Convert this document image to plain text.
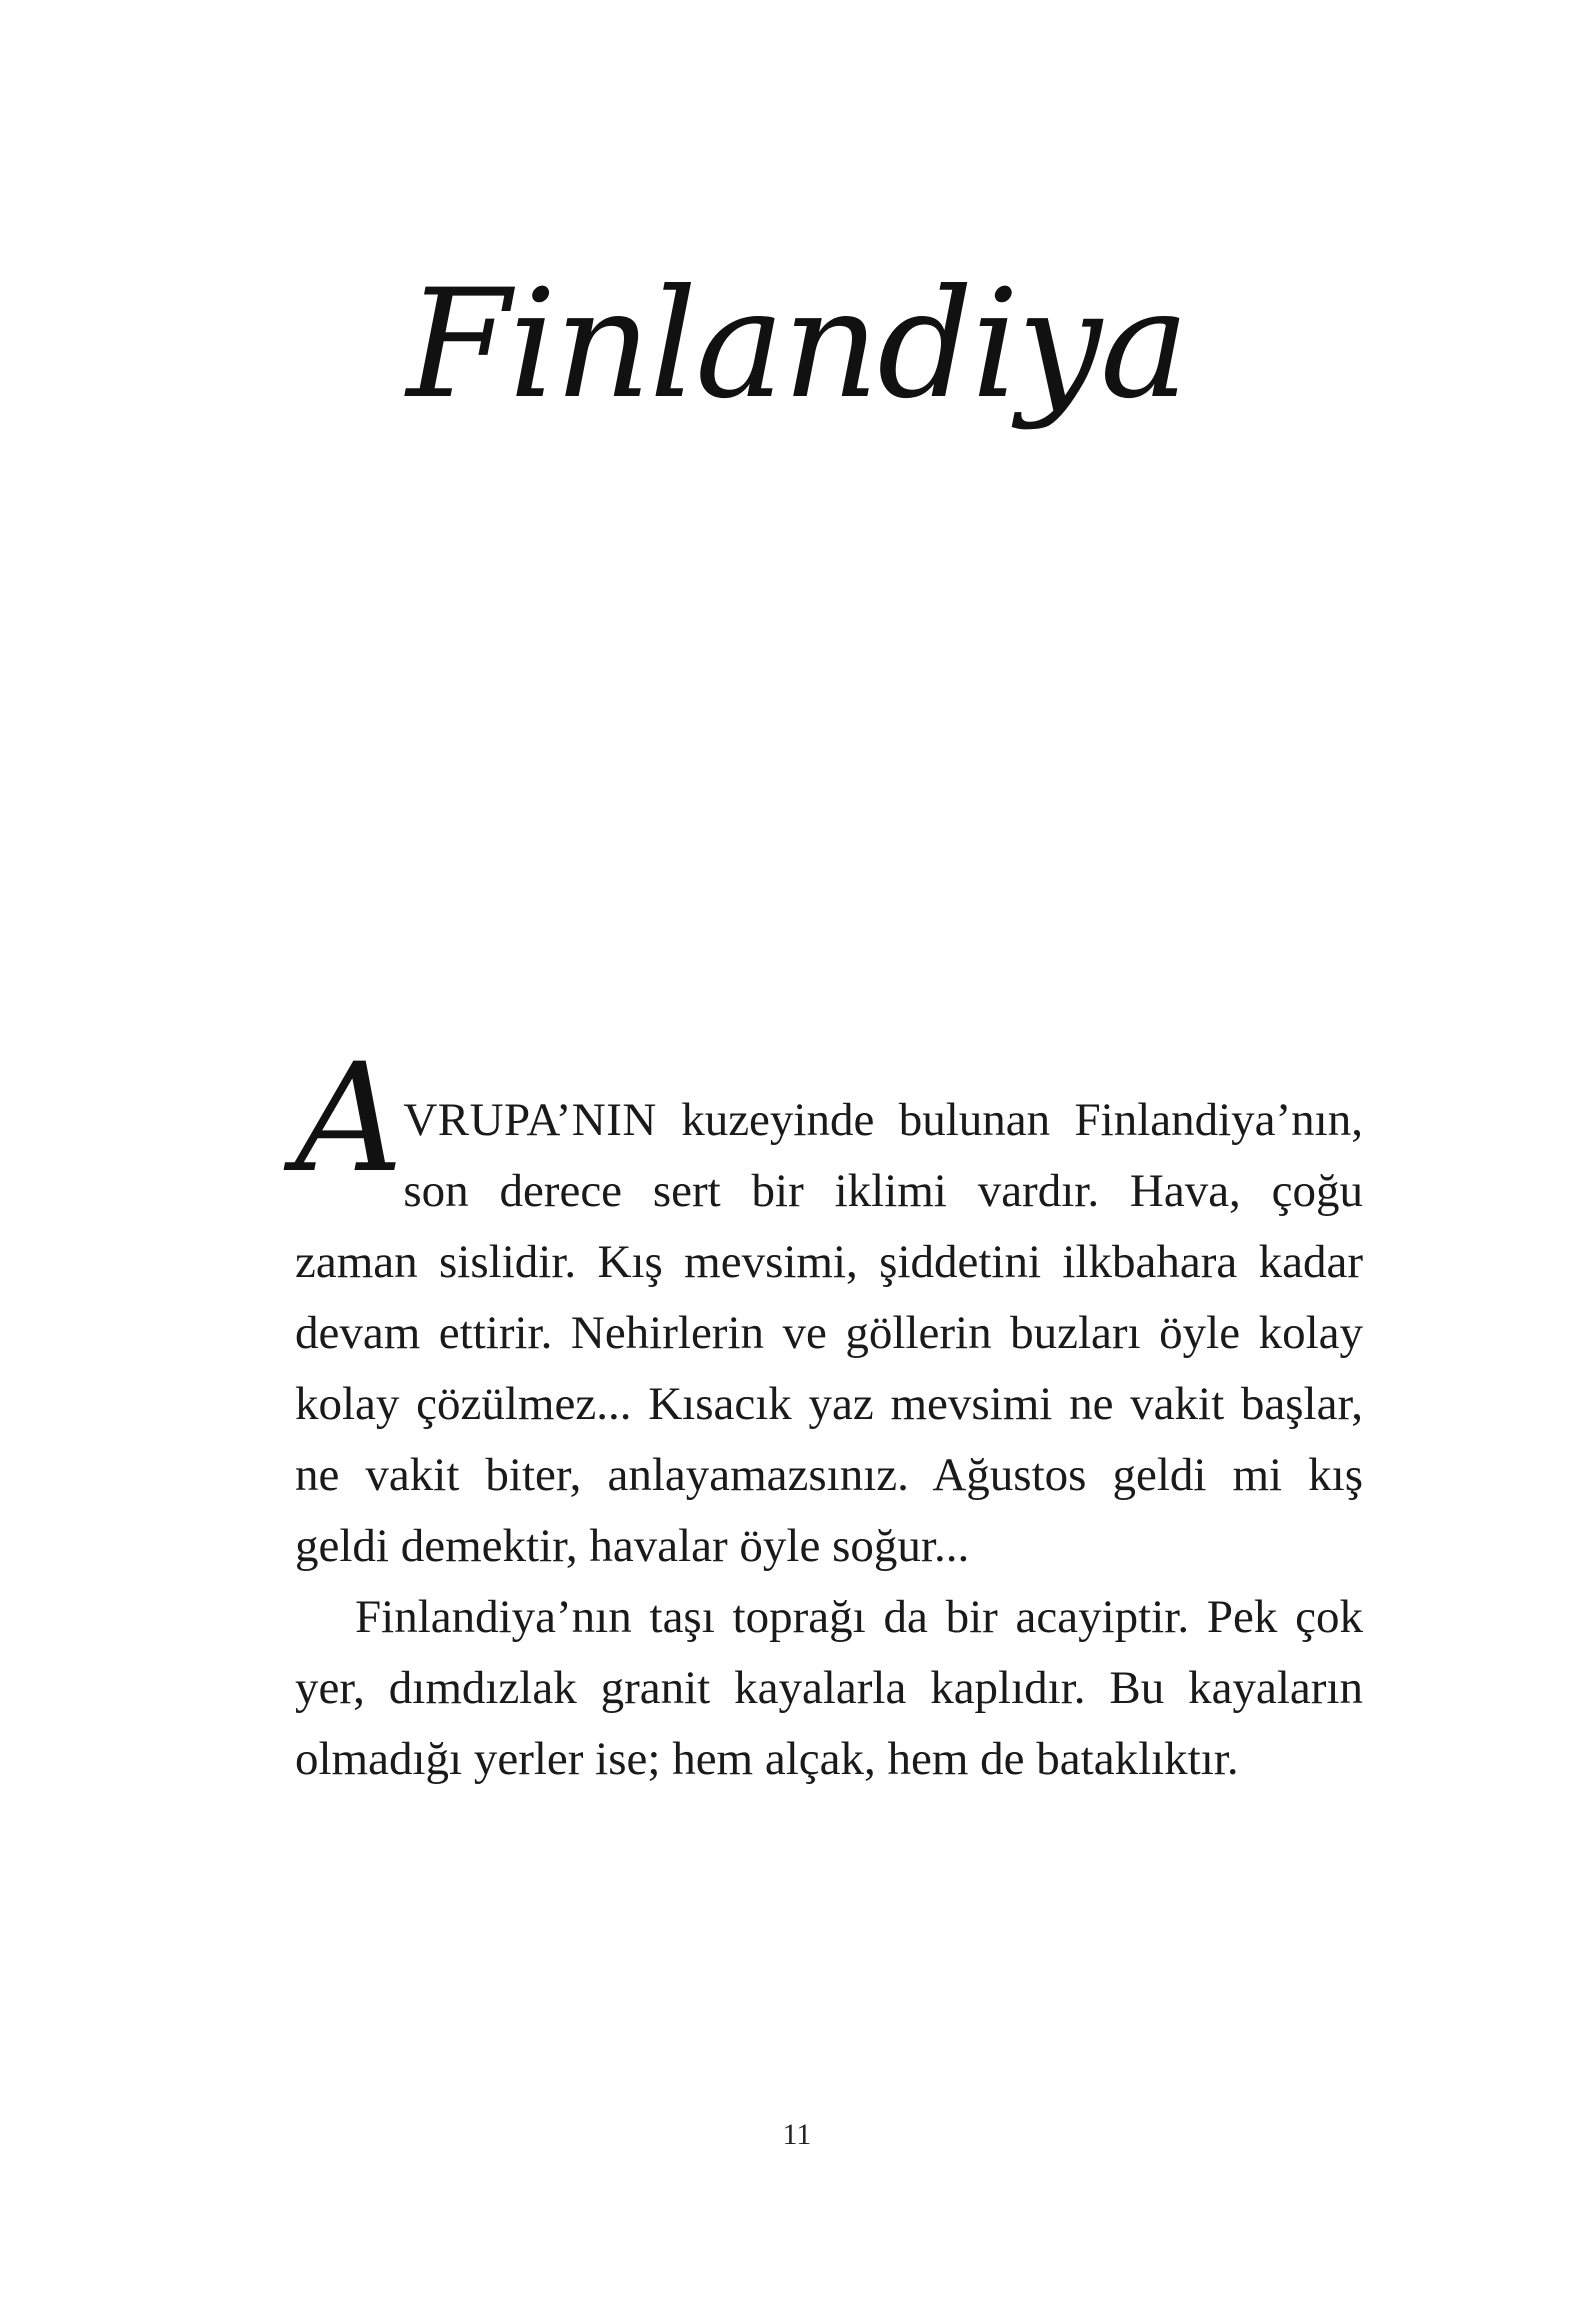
Finlandiya

AVRUPA’NIN kuzeyinde bulunan Finlandiya’nın, son derece sert bir iklimi vardır. Hava, çoğu zaman sislidir. Kış mevsimi, şiddetini ilkbahara kadar devam ettirir. Nehirlerin ve göllerin buzları öyle kolay kolay çözülmez... Kısacık yaz mevsimi ne vakit başlar, ne vakit biter, anlayamazsınız. Ağustos geldi mi kış geldi demektir, havalar öyle soğur...

Finlandiya’nın taşı toprağı da bir acayiptir. Pek çok yer, dımdızlak granit kayalarla kaplıdır. Bu kayaların olmadığı yerler ise; hem alçak, hem de bataklıktır.

11
